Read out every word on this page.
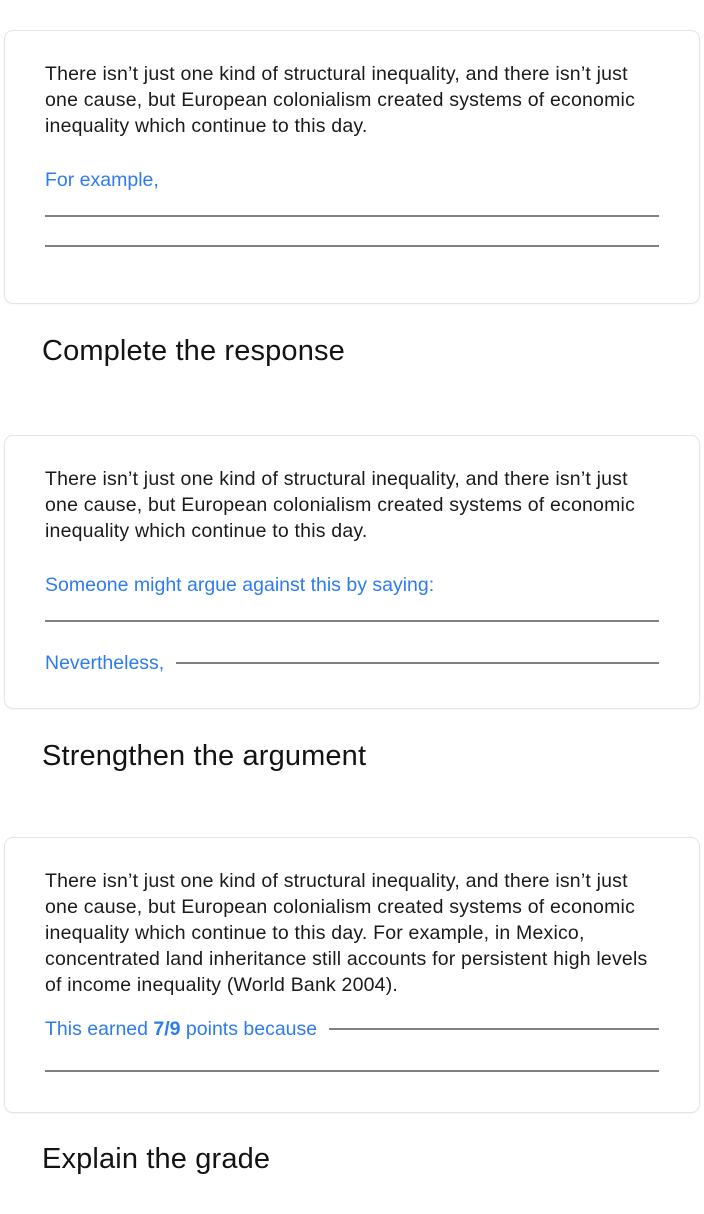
There isn’t just one kind of structural inequality, and there isn’t just one cause, but European colonialism created systems of economic inequality which continue to this day.

For example,

Complete the response

There isn’t just one kind of structural inequality, and there isn’t just one cause, but European colonialism created systems of economic inequality which continue to this day.

Someone might argue against this by saying:

Nevertheless,

Strengthen the argument

There isn’t just one kind of structural inequality, and there isn’t just one cause, but European colonialism created systems of economic inequality which continue to this day. For example, in Mexico, concentrated land inheritance still accounts for persistent high levels of income inequality (World Bank 2004).

This earned 7/9 points because

Explain the grade
